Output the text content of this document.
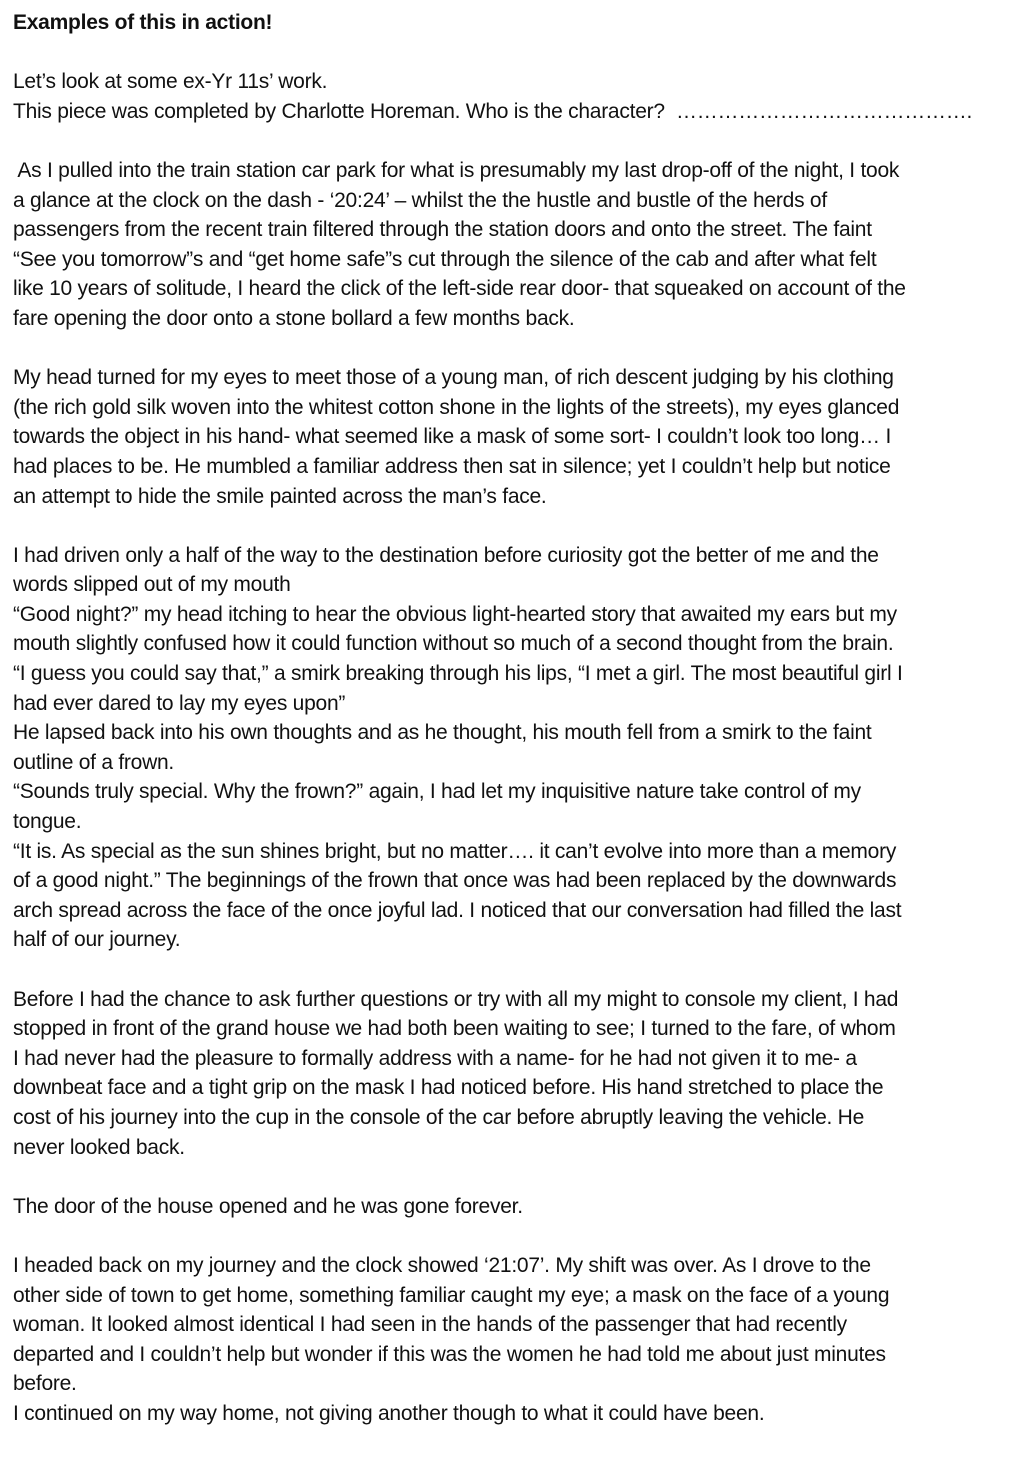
Examples of this in action!
Let’s look at some ex-Yr 11s’ work.
This piece was completed by Charlotte Horeman. Who is the character?  …………………………………….
As I pulled into the train station car park for what is presumably my last drop-off of the night, I took
a glance at the clock on the dash - ‘20:24’ – whilst the the hustle and bustle of the herds of
passengers from the recent train filtered through the station doors and onto the street. The faint
“See you tomorrow”s and “get home safe”s cut through the silence of the cab and after what felt
like 10 years of solitude, I heard the click of the left-side rear door- that squeaked on account of the
fare opening the door onto a stone bollard a few months back.
My head turned for my eyes to meet those of a young man, of rich descent judging by his clothing
(the rich gold silk woven into the whitest cotton shone in the lights of the streets), my eyes glanced
towards the object in his hand- what seemed like a mask of some sort- I couldn’t look too long… I
had places to be. He mumbled a familiar address then sat in silence; yet I couldn’t help but notice
an attempt to hide the smile painted across the man’s face.
I had driven only a half of the way to the destination before curiosity got the better of me and the
words slipped out of my mouth
“Good night?” my head itching to hear the obvious light-hearted story that awaited my ears but my
mouth slightly confused how it could function without so much of a second thought from the brain.
“I guess you could say that,” a smirk breaking through his lips, “I met a girl. The most beautiful girl I
had ever dared to lay my eyes upon”
He lapsed back into his own thoughts and as he thought, his mouth fell from a smirk to the faint
outline of a frown.
“Sounds truly special. Why the frown?” again, I had let my inquisitive nature take control of my
tongue.
“It is. As special as the sun shines bright, but no matter…. it can’t evolve into more than a memory
of a good night.” The beginnings of the frown that once was had been replaced by the downwards
arch spread across the face of the once joyful lad. I noticed that our conversation had filled the last
half of our journey.
Before I had the chance to ask further questions or try with all my might to console my client, I had
stopped in front of the grand house we had both been waiting to see; I turned to the fare, of whom
I had never had the pleasure to formally address with a name- for he had not given it to me- a
downbeat face and a tight grip on the mask I had noticed before. His hand stretched to place the
cost of his journey into the cup in the console of the car before abruptly leaving the vehicle. He
never looked back.
The door of the house opened and he was gone forever.
I headed back on my journey and the clock showed ‘21:07’. My shift was over. As I drove to the
other side of town to get home, something familiar caught my eye; a mask on the face of a young
woman. It looked almost identical I had seen in the hands of the passenger that had recently
departed and I couldn’t help but wonder if this was the women he had told me about just minutes
before.
I continued on my way home, not giving another though to what it could have been.
